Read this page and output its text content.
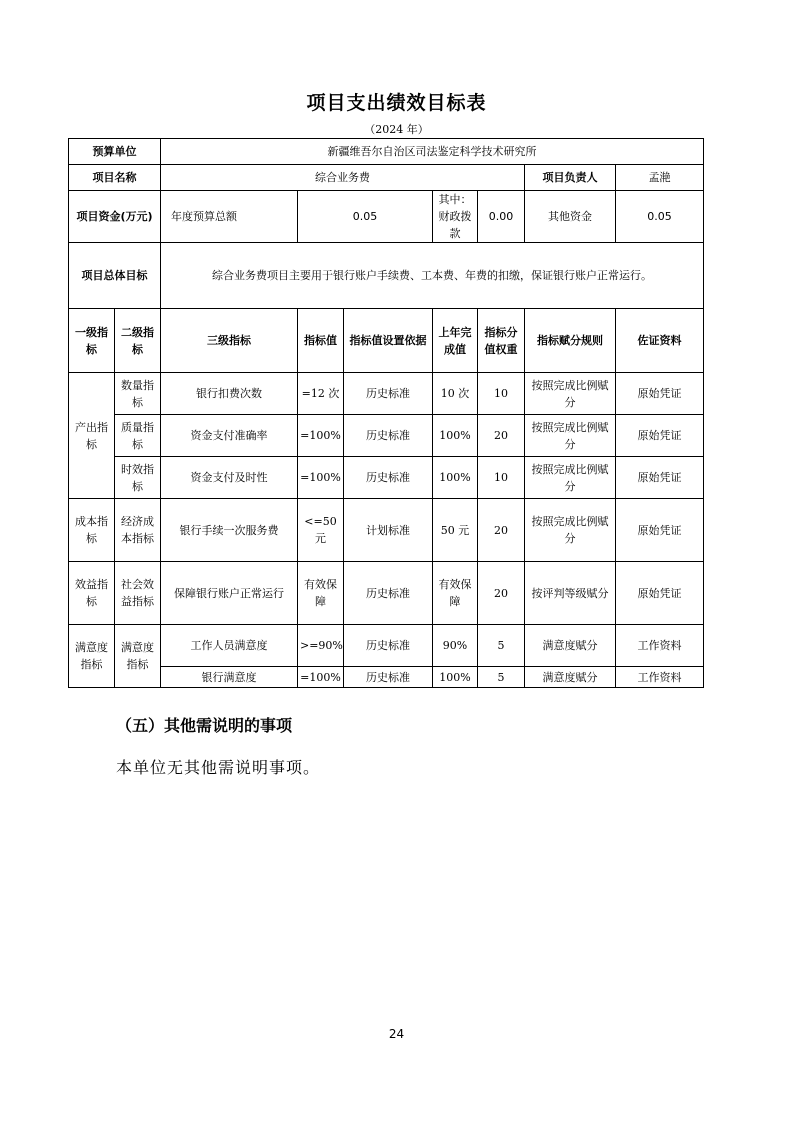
项目支出绩效目标表
（2024 年）
预算单位		新疆维吾尔自治区司法鉴定科学技术研究所						
项目名称		综合业务费					项目负责人	孟滟
项目资金(万元)		年度预算总额	0.05		其中：财政拨款	0.00	其他资金	0.05
项目总体目标		综合业务费项目主要用于银行账户手续费、工本费、年费的扣缴，保证银行账户正常运行。						
一级指标	二级指标	三级指标	指标值	指标值设置依据	上年完成值	指标分值权重	指标赋分规则	佐证资料
产出指标	数量指标	银行扣费次数	=12 次	历史标准	10 次	10	按照完成比例赋分	原始凭证
	质量指标	资金支付准确率	=100%	历史标准	100%	20	按照完成比例赋分	原始凭证
	时效指标	资金支付及时性	=100%	历史标准	100%	10	按照完成比例赋分	原始凭证
成本指标	经济成本指标	银行手续一次服务费	<=50元	计划标准	50 元	20	按照完成比例赋分	原始凭证
效益指标	社会效益指标	保障银行账户正常运行	有效保障	历史标准	有效保障	20	按评判等级赋分	原始凭证
满意度指标	满意度指标	工作人员满意度	>=90%	历史标准	90%	5	满意度赋分	工作资料
		银行满意度	=100%	历史标准	100%	5	满意度赋分	工作资料
（五）其他需说明的事项
本单位无其他需说明事项。
24
